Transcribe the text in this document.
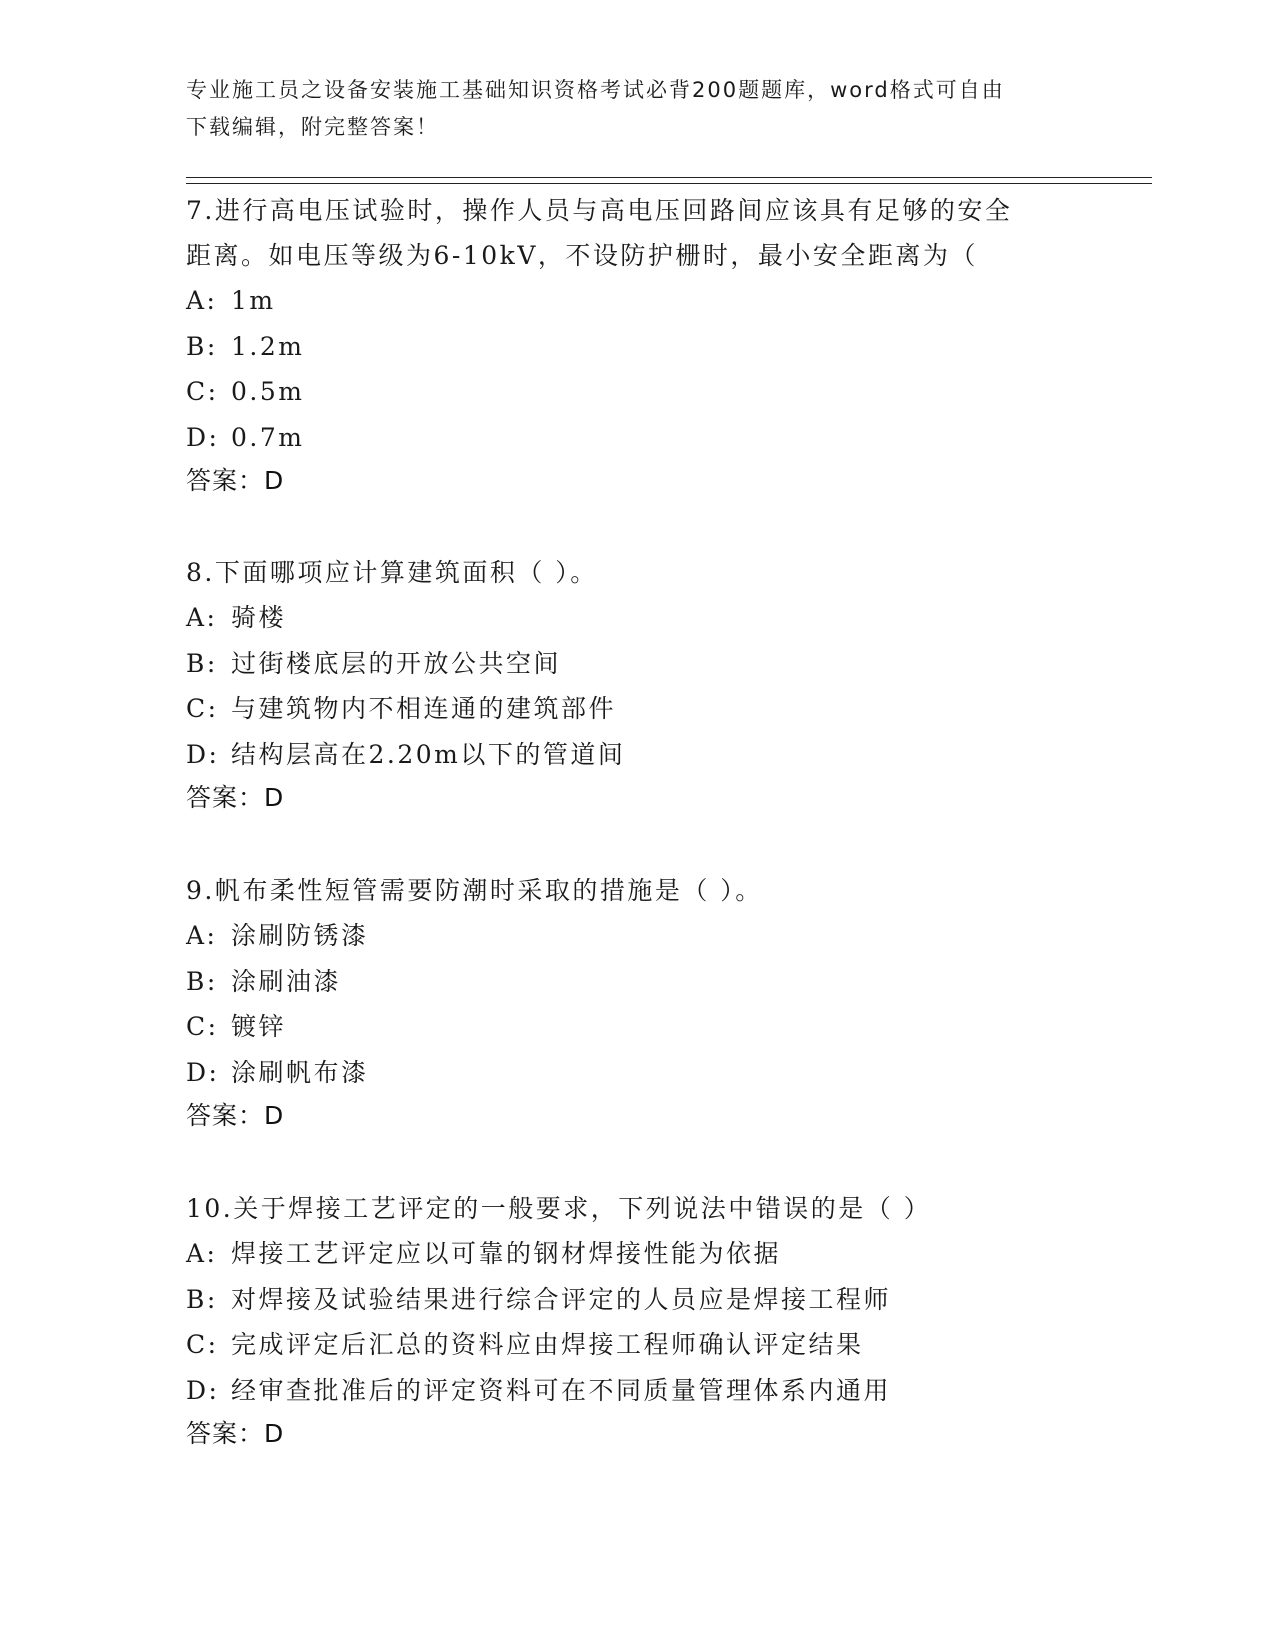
专业施工员之设备安装施工基础知识资格考试必背200题题库，word格式可自由
下载编辑，附完整答案！

7.进行高电压试验时，操作人员与高电压回路间应该具有足够的安全

距离。如电压等级为6-10kV，不设防护栅时，最小安全距离为（

A: 1m

B: 1.2m

C: 0.5m

D: 0.7m

答案：D

8.下面哪项应计算建筑面积（ ）。

A: 骑楼

B: 过街楼底层的开放公共空间

C: 与建筑物内不相连通的建筑部件

D: 结构层高在2.20m以下的管道间

答案：D

9.帆布柔性短管需要防潮时采取的措施是（ ）。

A: 涂刷防锈漆

B: 涂刷油漆

C: 镀锌

D: 涂刷帆布漆

答案：D

10.关于焊接工艺评定的一般要求，下列说法中错误的是（ ）

A: 焊接工艺评定应以可靠的钢材焊接性能为依据

B: 对焊接及试验结果进行综合评定的人员应是焊接工程师

C: 完成评定后汇总的资料应由焊接工程师确认评定结果

D: 经审查批准后的评定资料可在不同质量管理体系内通用

答案：D
